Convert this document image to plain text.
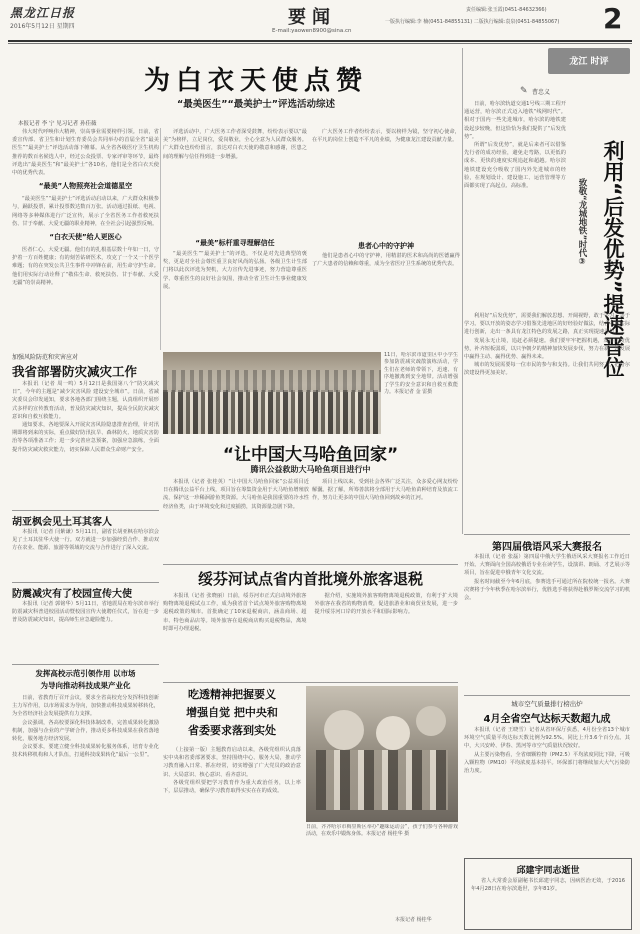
黑龙江日报
2016年5月12日 星期四	要闻
E-mail:yaowen8900@sina.cn
责任编辑:张玉霞(0451-84632366)
一版执行编辑:李 楠(0451-84855131) 二版执行编辑:袁泉(0451-84855067) 2
为白衣天使点赞
“最美医生”“最美护士”评选活动综述
本报记者 李 宁 见习记者 孙佳薇

伟大时代呼唤伟大精神，崇高事业需要榜样引领。日前，省委宣传部、省卫生和计划生育委员会共同举办的首届全省“最美医生”“最美护士”评选活动落下帷幕。从全省各级医疗卫生机构推荐的数百名候选人中，经过公众投票、专家评审等环节，最终评选出“最美医生”和“最美护士”各10名，他们是全省白衣天使中的优秀代表。

“最美”人物照亮社会道德星空

“最美医生”“最美护士”评选活动启动以来，广大群众积极参与，踊跃投票，累计投票数达数百万张。活动通过报纸、电视、网络等多种媒体进行广泛宣传，展示了全省医务工作者救死扶伤、甘于奉献、大爱无疆的职业精神，在全社会引起强烈反响。

“白衣天使”给人更医心

医者仁心，大爱无疆。他们有的扎根基层数十年如一日，守护着一方百姓健康；有的刻苦钻研医术，攻克了一个又一个医学难题；有的在突发公共卫生事件中冲锋在前，用生命守护生命。他们用实际行动诠释了“敬佑生命、救死扶伤、甘于奉献、大爱无疆”的崇高精神。

评选活动中，广大医务工作者深受鼓舞，纷纷表示要以“最美”为榜样，立足岗位，爱岗敬业，全心全意为人民群众服务。广大群众也纷纷留言，表达对白衣天使的敬意和感谢，医患之间的理解与信任得到进一步增强。

广大医务工作者纷纷表示，要以榜样为镜，坚守初心使命，在平凡的岗位上创造不平凡的业绩，为健康龙江建设贡献力量。

“最美”标杆重寻理解信任

“最美医生”“最美护士”的评选，不仅是对先进典型的褒奖，更是对全社会尊医重卫良好风尚的弘扬。各级卫生计生部门将以此次评选为契机，大力宣传先进事迹，努力营造尊重医学、尊重医生的良好社会氛围，推动全省卫生计生事业健康发展。

患者心中的守护神

他们是患者心中的守护神，用精湛的医术和高尚的医德赢得了广大患者的信赖和尊重，成为全省医疗卫生系统的优秀代表。

11日，哈尔滨市道里区中小学生参加防震减灾疏散演练活动，学生们在老师的带领下，迅速、有序地撤离到安全地带。活动增强了学生的安全意识和自救互救能力。本报记者 金 雷摄
加强风险防范和灾害应对
我省部署防灾减灾工作

本报讯（记者 周一鸣）5月12日是我国第八个“防灾减灾日”，今年的主题是“减少灾害风险 建设安全城市”。日前，省减灾委员会印发通知，要求各地各部门围绕主题，认真组织开展形式多样的宣传教育活动，普及防灾减灾知识，提高全民防灾减灾意识和自救互救能力。

通知要求，各地要深入开展灾害风险隐患排查治理，针对汛期即将到来的实际，重点做好防汛抗旱、森林防火、地质灾害防治等各项准备工作；进一步完善应急预案，加强应急演练，全面提升防灾减灾救灾能力，切实保障人民群众生命财产安全。

胡亚枫会见土耳其客人

本报讯（记者 闫紫谦）5月11日，副省长胡亚枫在哈尔滨会见了土耳其驻华大使一行。双方就进一步加强经贸合作、推动双方在农业、能源、旅游等领域的交流与合作进行了深入交流。

防震减灾有了校园宣传大使

本报讯（记者 郭铭华）5月11日，省地震局在哈尔滨市举行防震减灾科普进校园活动暨校园宣传大使聘任仪式，旨在进一步普及防震减灾知识，提高师生应急避险能力。

发挥高校示范引领作用 以市场
为导向推动科技成果产业化

日前，省教育厅召开会议，要求全省高校充分发挥科技创新主力军作用，以市场需求为导向，加快推动科技成果转移转化，为全省经济社会发展提供有力支撑。

会议强调，各高校要深化科技体制改革，完善成果转化激励机制，加强与企业的产学研合作，推动更多科技成果在我省落地转化，服务地方经济发展。

会议要求，要建立健全科技成果转化服务体系，培育专业化技术转移机构和人才队伍，打通科技成果转化“最后一公里”。

“让中国大马哈鱼回家”
腾讯公益救助大马哈鱼项目进行中

本报讯（记者 张桂英）“让中国大马哈鱼回家”公益项目近日在腾讯公益平台上线，项目旨在筹集资金用于大马哈鱼增殖放流，保护这一珍稀洄游鱼类资源。大马哈鱼是我国重要的冷水性经济鱼类，由于环境变化和过度捕捞，其资源量急剧下降。

项目上线以来，受到社会各界广泛关注，众多爱心网友纷纷解囊。据了解，所筹善款将全部用于大马哈鱼苗种培育及放流工作，努力让更多的中国大马哈鱼回到故乡的江河。

绥芬河试点省内首批境外旅客退税

本报讯（记者 张晓丽）日前，绥芬河市正式启动境外旅客购物离境退税试点工作，成为我省首个试点境外旅客购物离境退税政策的城市。首批确定了10家退税商店，涵盖商场、超市、特色商品店等。境外旅客在退税商店购买退税物品，离境时即可办理退税。

据介绍，实施境外旅客购物离境退税政策，有利于扩大境外旅客在我省的购物消费，促进旅游业和商贸业发展，进一步提升绥芬河口岸的开放水平和国际影响力。

吃透精神把握要义
增强自觉 把中央和
省委要求落到实处

（上接第一版）主题教育启动以来，各级党组织认真落实中央和省委部署要求，坚持围绕中心、服务大局，推动学习教育融入日常、抓在经常，切实增强了广大党员的政治意识、大局意识、核心意识、看齐意识。

各级党组织要把学习教育作为重大政治任务，以上率下，层层推动，确保学习教育取得实实在在的成效。

日前，齐齐哈尔市梅里斯区举办“趣味运动会”，孩子们参与各种游戏活动，在欢乐中锻炼身体。本报记者 杨桂华 摄
本报记者 杨桂华
龙江 时评
✎ 曹忠义
利用“后发优势”提速晋位
致敬“龙城地铁”时代③

日前，哈尔滨轨道交通1号线三期工程开通运营，哈尔滨正式迈入地铁“线网时代”。相对于国内一些先进城市，哈尔滨的地铁建设起步较晚，但这恰恰为我们提供了“后发优势”。

所谓“后发优势”，就是后来者可以借鉴先行者的成功经验，避免走弯路，以更低的成本、更快的速度实现追赶和超越。哈尔滨地铁建设充分吸收了国内外先进城市的经验，在规划设计、建设施工、运营管理等方面都实现了高起点、高标准。

利用好“后发优势”，需要我们解放思想、开阔视野，敢于学习、善于学习。要以开放的姿态学习借鉴先进地区的好经验好做法，结合本地实际进行创新，走出一条具有龙江特色的发展之路，真正实现提速晋位。

发展永无止境，追赶必须提速。我们要牢牢把握机遇，发挥比较优势，补齐短板弱项，以只争朝夕的精神加快发展步伐，努力在新一轮发展中赢得主动、赢得优势、赢得未来。

城市的发展需要每一位市民的参与和支持。让我们共同努力，把哈尔滨建设得更加美好。

第四届俄语风采大赛报名

本报讯（记者 张磊）第四届中俄大学生俄语风采大赛报名工作近日开始。大赛面向全国高校俄语专业在读学生，设演讲、朗诵、才艺展示等项目，旨在促进中俄青年文化交流。

报名时间截至今年6月底，参赛选手可通过所在院校统一报名。大赛决赛将于今年秋季在哈尔滨举行，优胜选手将获得赴俄罗斯交流学习的机会。

城市空气质量排行榜出炉
4月全省空气达标天数超九成

本报讯（记者 王晓雪）记者从省环保厅获悉，4月份全省13个城市环境空气质量平均达标天数比例为92.5%，同比上升3.6个百分点。其中，大兴安岭、伊春、黑河等市空气质量状况较好。

从主要污染物看，全省细颗粒物（PM2.5）平均浓度同比下降，可吸入颗粒物（PM10）平均浓度基本持平。环保部门将继续加大大气污染防治力度。

邱建宇同志逝世

省人大常委会原副秘书长邱建宇同志，因病医治无效，于2016年4月28日在哈尔滨逝世，享年81岁。
